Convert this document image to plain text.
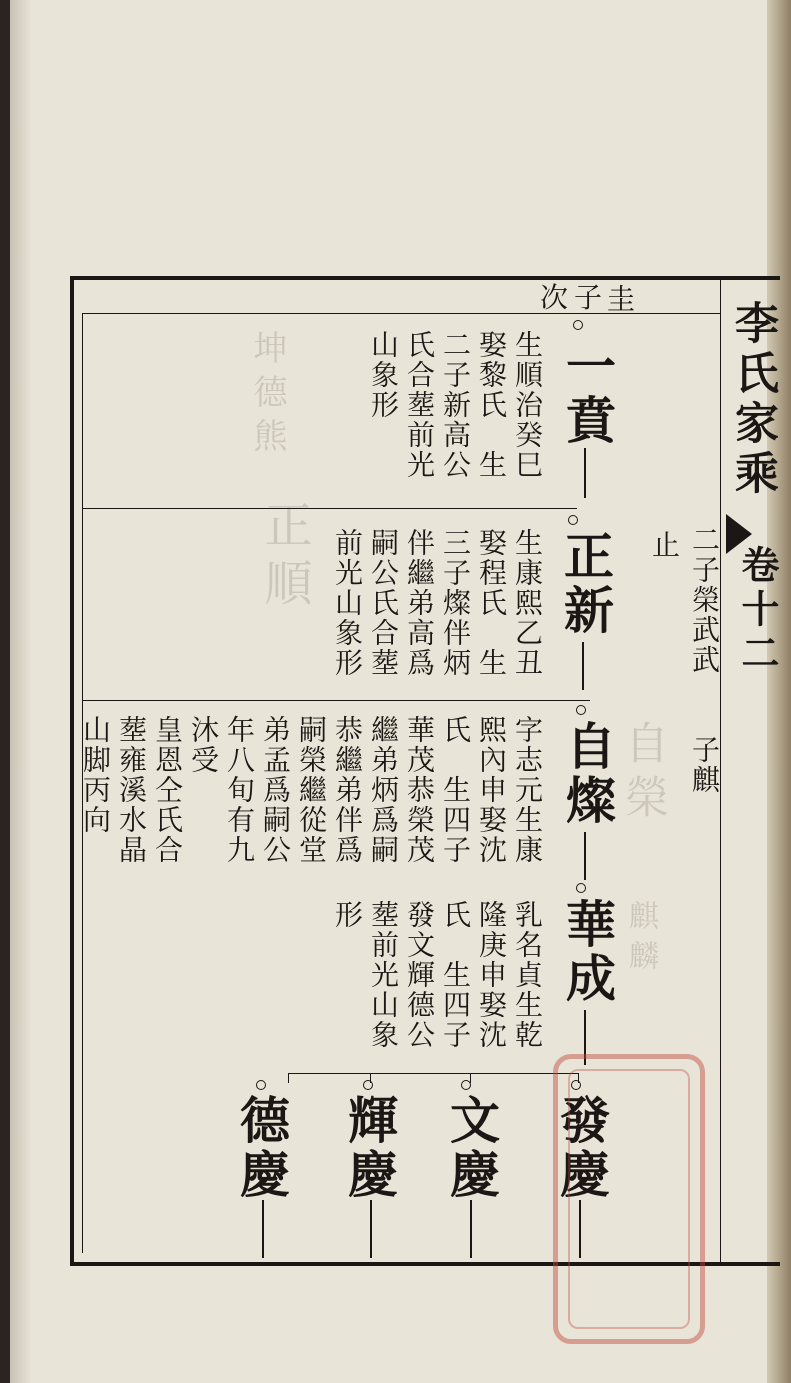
坤德熊
正順
自榮
麒麟
李氏家乘
卷十二
二子榮武武
子麒
止
圭
次子
一賁
生順治癸巳
娶黎氏　生
二子新高公
氏合塟前光
山象形
正新
生康熙乙丑
娶程氏　生
三子燦伴炳
伴繼弟高爲
嗣公氏合塟
前光山象形
自燦
字志元生康
熙內申娶沈
氏　生四子
華茂恭榮茂
繼弟炳爲嗣
恭繼弟伴爲
嗣榮繼從堂
弟孟爲嗣公
年八旬有九
沐受
皇恩仝氏合
塟雍溪水晶
山脚丙向
華成
乳名貞生乾
隆庚申娶沈
氏　生四子
發文輝德公
塟前光山象
形
發慶
文慶
輝慶
德慶
